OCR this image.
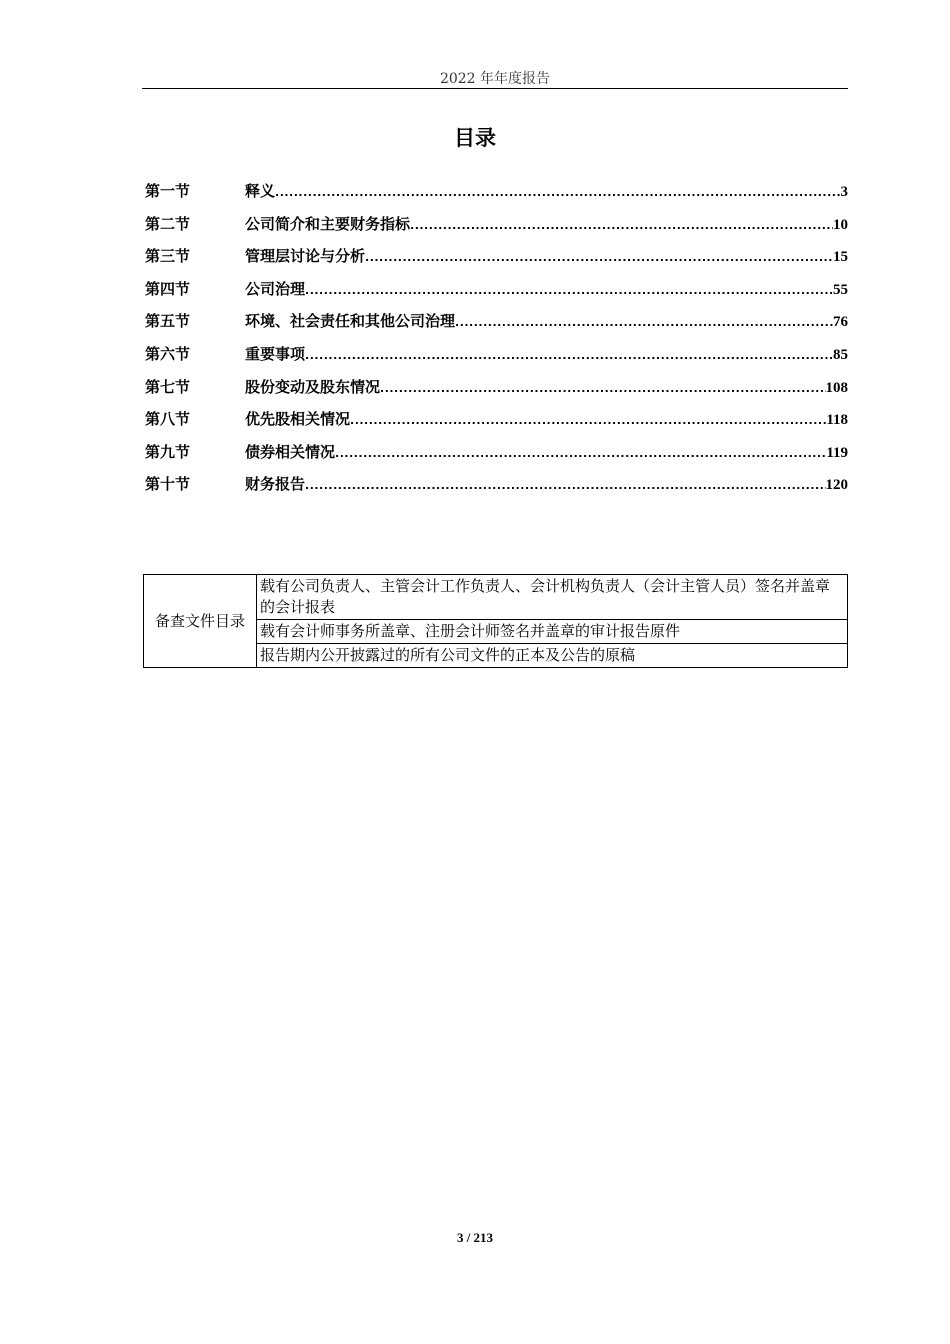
2022 年年度报告
目录
第一节	释义 .....	3
第二节	公司简介和主要财务指标 .....	10
第三节	管理层讨论与分析 .....	15
第四节	公司治理 .....	55
第五节	环境、社会责任和其他公司治理 .....	76
第六节	重要事项 .....	85
第七节	股份变动及股东情况 .....	108
第八节	优先股相关情况 .....	118
第九节	债券相关情况 .....	119
第十节	财务报告 .....	120
备查文件目录	载有公司负责人、主管会计工作负责人、会计机构负责人（会计主管人员）签名并盖章的会计报表
载有会计师事务所盖章、注册会计师签名并盖章的审计报告原件
报告期内公开披露过的所有公司文件的正本及公告的原稿
3 / 213
